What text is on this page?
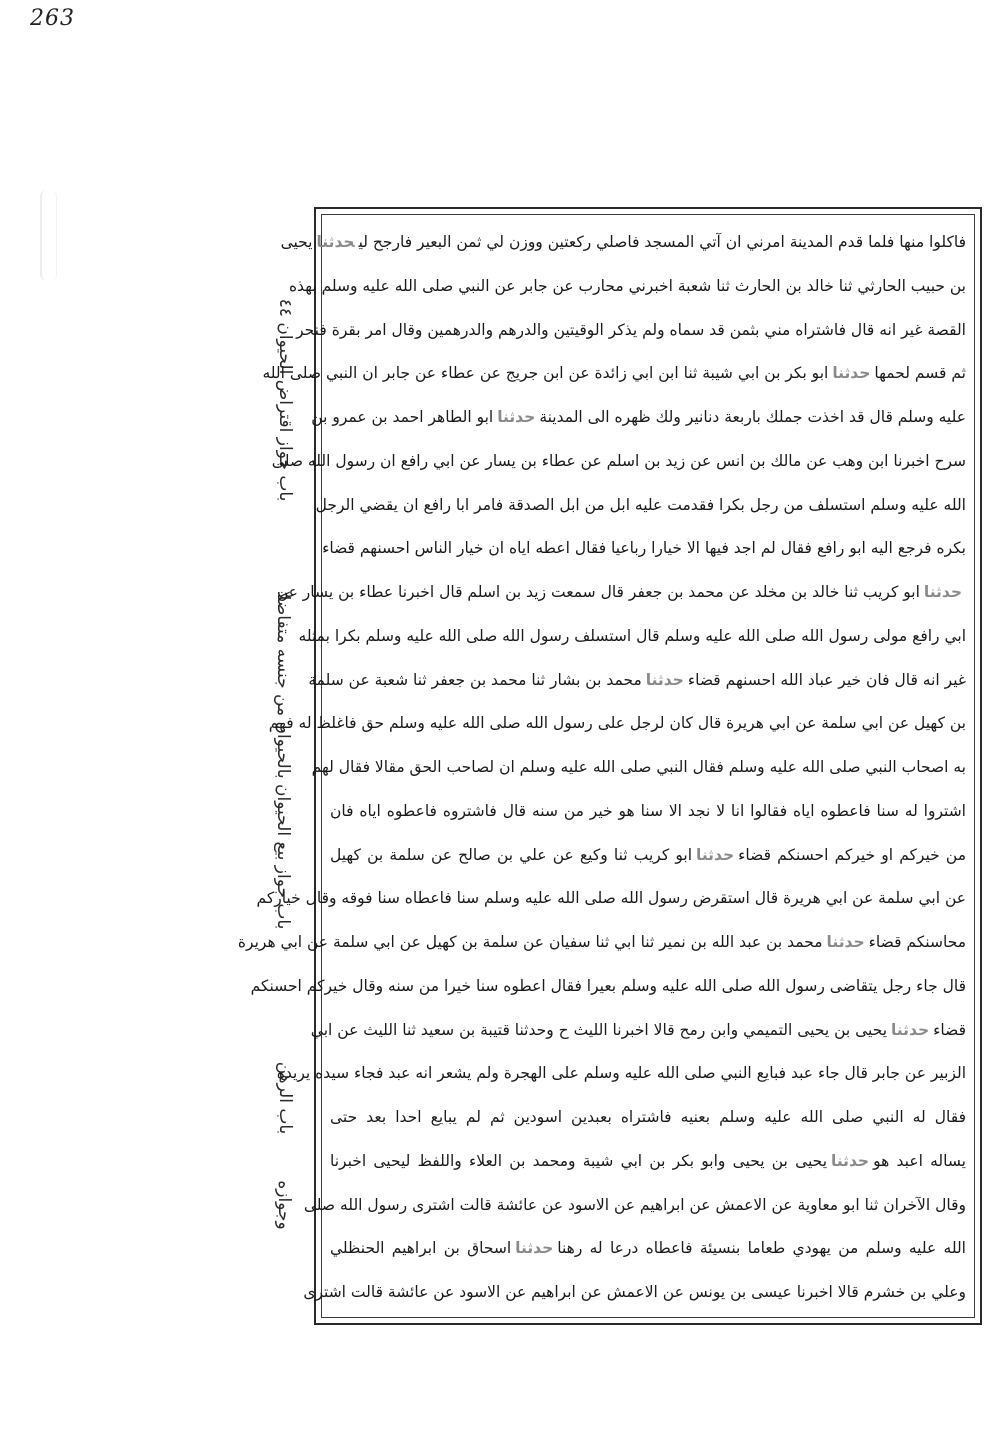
263
باب جواز اقتراض الحيوان ٤٤
باب جواز بيع الحيوان بالحيوان من جنسه متفاضلا
باب الرهن
وجوازه
فاكلوا منها فلما قدم المدينة امرني ان آتي المسجد فاصلي ركعتين ووزن لي ثمن البعير فارجح ليحدثنايحيى
بن حبيب الحارثي ثنا خالد بن الحارث ثنا شعبة اخبرني محارب عن جابر عن النبي صلى الله عليه وسلم بهذه
القصة غير انه قال فاشتراه مني بثمن قد سماه ولم يذكر الوقيتين والدرهم والدرهمين وقال امر بقرة فنحر
ثم قسم لحمهاحدثناابو بكر بن ابي شيبة ثنا ابن ابي زائدة عن ابن جريج عن عطاء عن جابر ان النبي صلى الله
عليه وسلم قال قد اخذت جملك باربعة دنانير ولك ظهره الى المدينةحدثناابو الطاهر احمد بن عمرو بن
سرح اخبرنا ابن وهب عن مالك بن انس عن زيد بن اسلم عن عطاء بن يسار عن ابي رافع ان رسول الله صلى
الله عليه وسلم استسلف من رجل بكرا فقدمت عليه ابل من ابل الصدقة فامر ابا رافع ان يقضي الرجل
بكره فرجع اليه ابو رافع فقال لم اجد فيها الا خيارا رباعيا فقال اعطه اياه ان خيار الناس احسنهم قضاء
حدثناابو كريب ثنا خالد بن مخلد عن محمد بن جعفر قال سمعت زيد بن اسلم قال اخبرنا عطاء بن يسار عن
ابي رافع مولى رسول الله صلى الله عليه وسلم قال استسلف رسول الله صلى الله عليه وسلم بكرا بمثله
غير انه قال فان خير عباد الله احسنهم قضاءحدثنامحمد بن بشار ثنا محمد بن جعفر ثنا شعبة عن سلمة
بن كهيل عن ابي سلمة عن ابي هريرة قال كان لرجل على رسول الله صلى الله عليه وسلم حق فاغلظ له فهم
به اصحاب النبي صلى الله عليه وسلم فقال النبي صلى الله عليه وسلم ان لصاحب الحق مقالا فقال لهم
اشتروا له سنا فاعطوه اياه فقالوا انا لا نجد الا سنا هو خير من سنه قال فاشتروه فاعطوه اياه فان
من خيركم او خيركم احسنكم قضاءحدثناابو كريب ثنا وكيع عن علي بن صالح عن سلمة بن كهيل
عن ابي سلمة عن ابي هريرة قال استقرض رسول الله صلى الله عليه وسلم سنا فاعطاه سنا فوقه وقال خياركم
محاسنكم قضاءحدثنامحمد بن عبد الله بن نمير ثنا ابي ثنا سفيان عن سلمة بن كهيل عن ابي سلمة عن ابي هريرة
قال جاء رجل يتقاضى رسول الله صلى الله عليه وسلم بعيرا فقال اعطوه سنا خيرا من سنه وقال خيركم احسنكم
قضاءحدثنايحيى بن يحيى التميمي وابن رمح قالا اخبرنا الليث ح وحدثنا قتيبة بن سعيد ثنا الليث عن ابي
الزبير عن جابر قال جاء عبد فبايع النبي صلى الله عليه وسلم على الهجرة ولم يشعر انه عبد فجاء سيده يريده
فقال له النبي صلى الله عليه وسلم بعنيه فاشتراه بعبدين اسودين ثم لم يبايع احدا بعد حتى
يساله اعبد هوحدثنايحيى بن يحيى وابو بكر بن ابي شيبة ومحمد بن العلاء واللفظ ليحيى اخبرنا
وقال الآخران ثنا ابو معاوية عن الاعمش عن ابراهيم عن الاسود عن عائشة قالت اشترى رسول الله صلى
الله عليه وسلم من يهودي طعاما بنسيئة فاعطاه درعا له رهناحدثنااسحاق بن ابراهيم الحنظلي
وعلي بن خشرم قالا اخبرنا عيسى بن يونس عن الاعمش عن ابراهيم عن الاسود عن عائشة قالت اشترى
